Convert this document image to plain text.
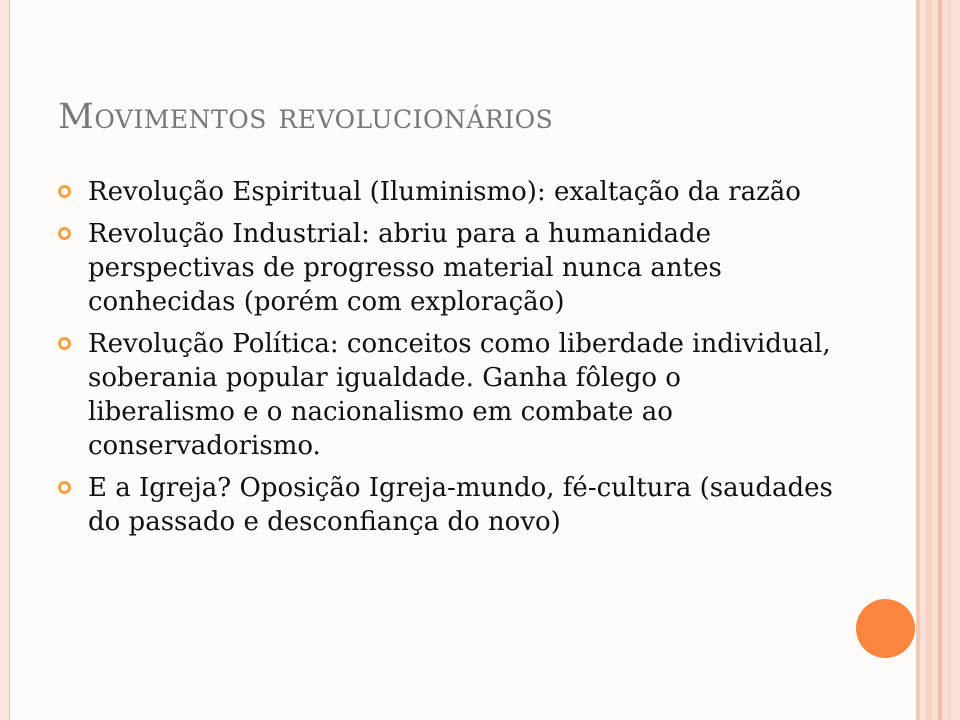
Movimentos revolucionários
Revolução Espiritual (Iluminismo): exaltação da razão
Revolução Industrial: abriu para a humanidade perspectivas de progresso material nunca antes conhecidas (porém com exploração)
Revolução Política: conceitos como liberdade individual, soberania popular igualdade. Ganha fôlego o liberalismo e o nacionalismo em combate ao conservadorismo.
E a Igreja? Oposição Igreja-mundo, fé-cultura (saudades do passado e desconfiança do novo)
